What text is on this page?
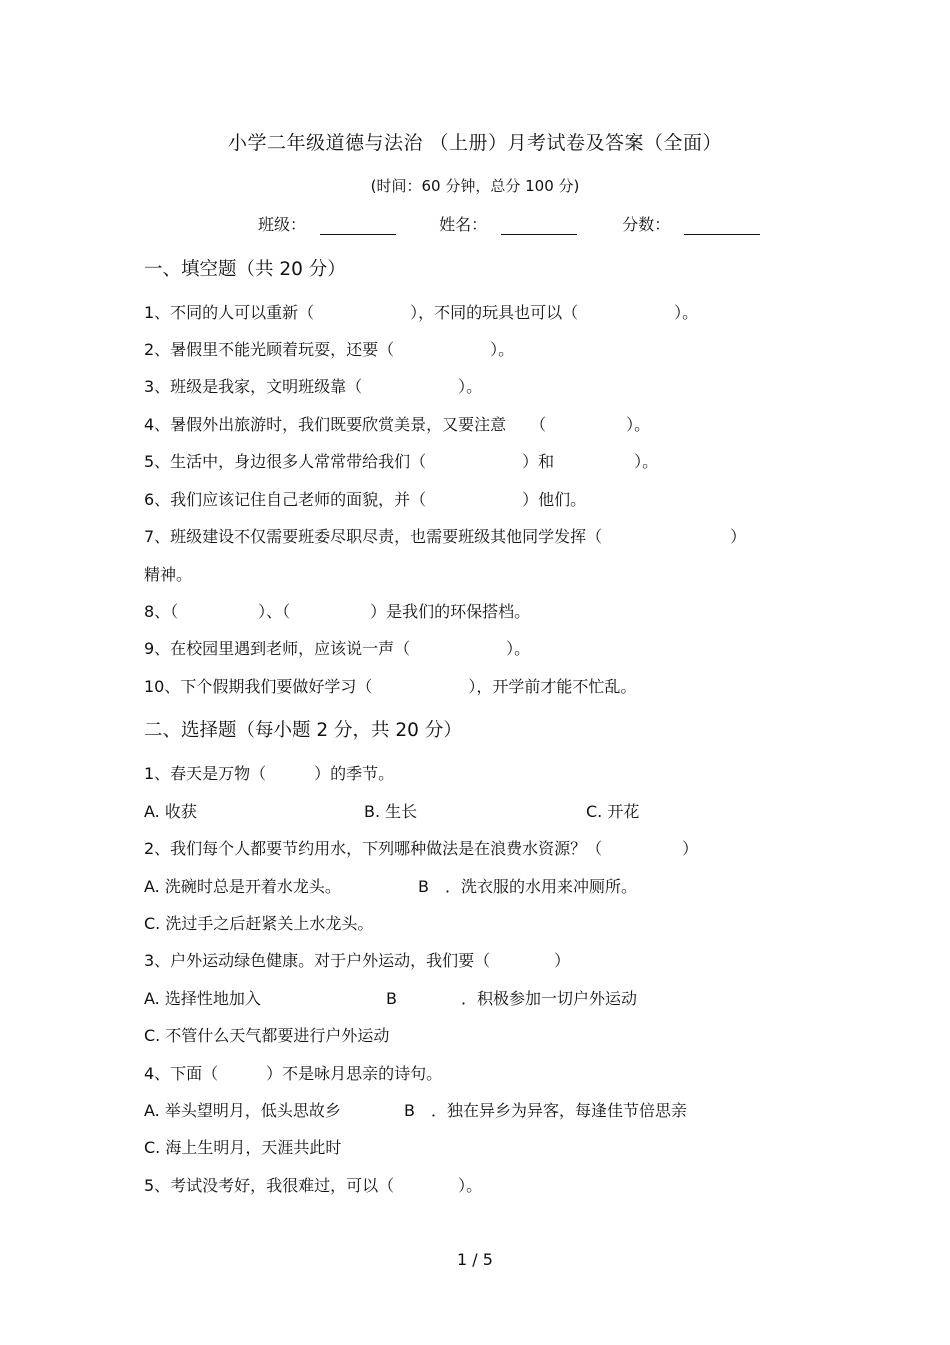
小学二年级道德与法治 （上册）月考试卷及答案（全面）
(时间：60 分钟，总分 100 分)
班级：	姓名：	分数：
一、填空题（共 20 分）
1、不同的人可以重新（　　　　　　），不同的玩具也可以（　　　　　　）。
2、暑假里不能光顾着玩耍，还要（　　　　　　）。
3、班级是我家，文明班级靠（　　　　　　）。
4、暑假外出旅游时，我们既要欣赏美景，又要注意　　（　　　　　）。
5、生活中，身边很多人常常带给我们（　　　　　　）和　　　　　）。
6、我们应该记住自己老师的面貌，并（　　　　　　）他们。
7、班级建设不仅需要班委尽职尽责，也需要班级其他同学发挥（　　　　　　　　）
精神。
8、（　　　　　）、（　　　　　）是我们的环保搭档。
9、在校园里遇到老师，应该说一声（　　　　　　）。
10、下个假期我们要做好学习（　　　　　　），开学前才能不忙乱。
二、选择题（每小题 2 分，共 20 分）
1、春天是万物（　　　）的季节。
A. 收获	B. 生长	C. 开花
2、我们每个人都要节约用水，下列哪种做法是在浪费水资源？（　　　　　）
A. 洗碗时总是开着水龙头。	B　．洗衣服的水用来冲厕所。
C. 洗过手之后赶紧关上水龙头。
3、户外运动绿色健康。对于户外运动，我们要（　　　　）
A. 选择性地加入	B　　　　．积极参加一切户外运动
C. 不管什么天气都要进行户外运动
4、下面（　　　）不是咏月思亲的诗句。
A. 举头望明月，低头思故乡	B　．独在异乡为异客，每逢佳节倍思亲
C. 海上生明月，天涯共此时
5、考试没考好，我很难过，可以（　　　　）。
1 / 5
